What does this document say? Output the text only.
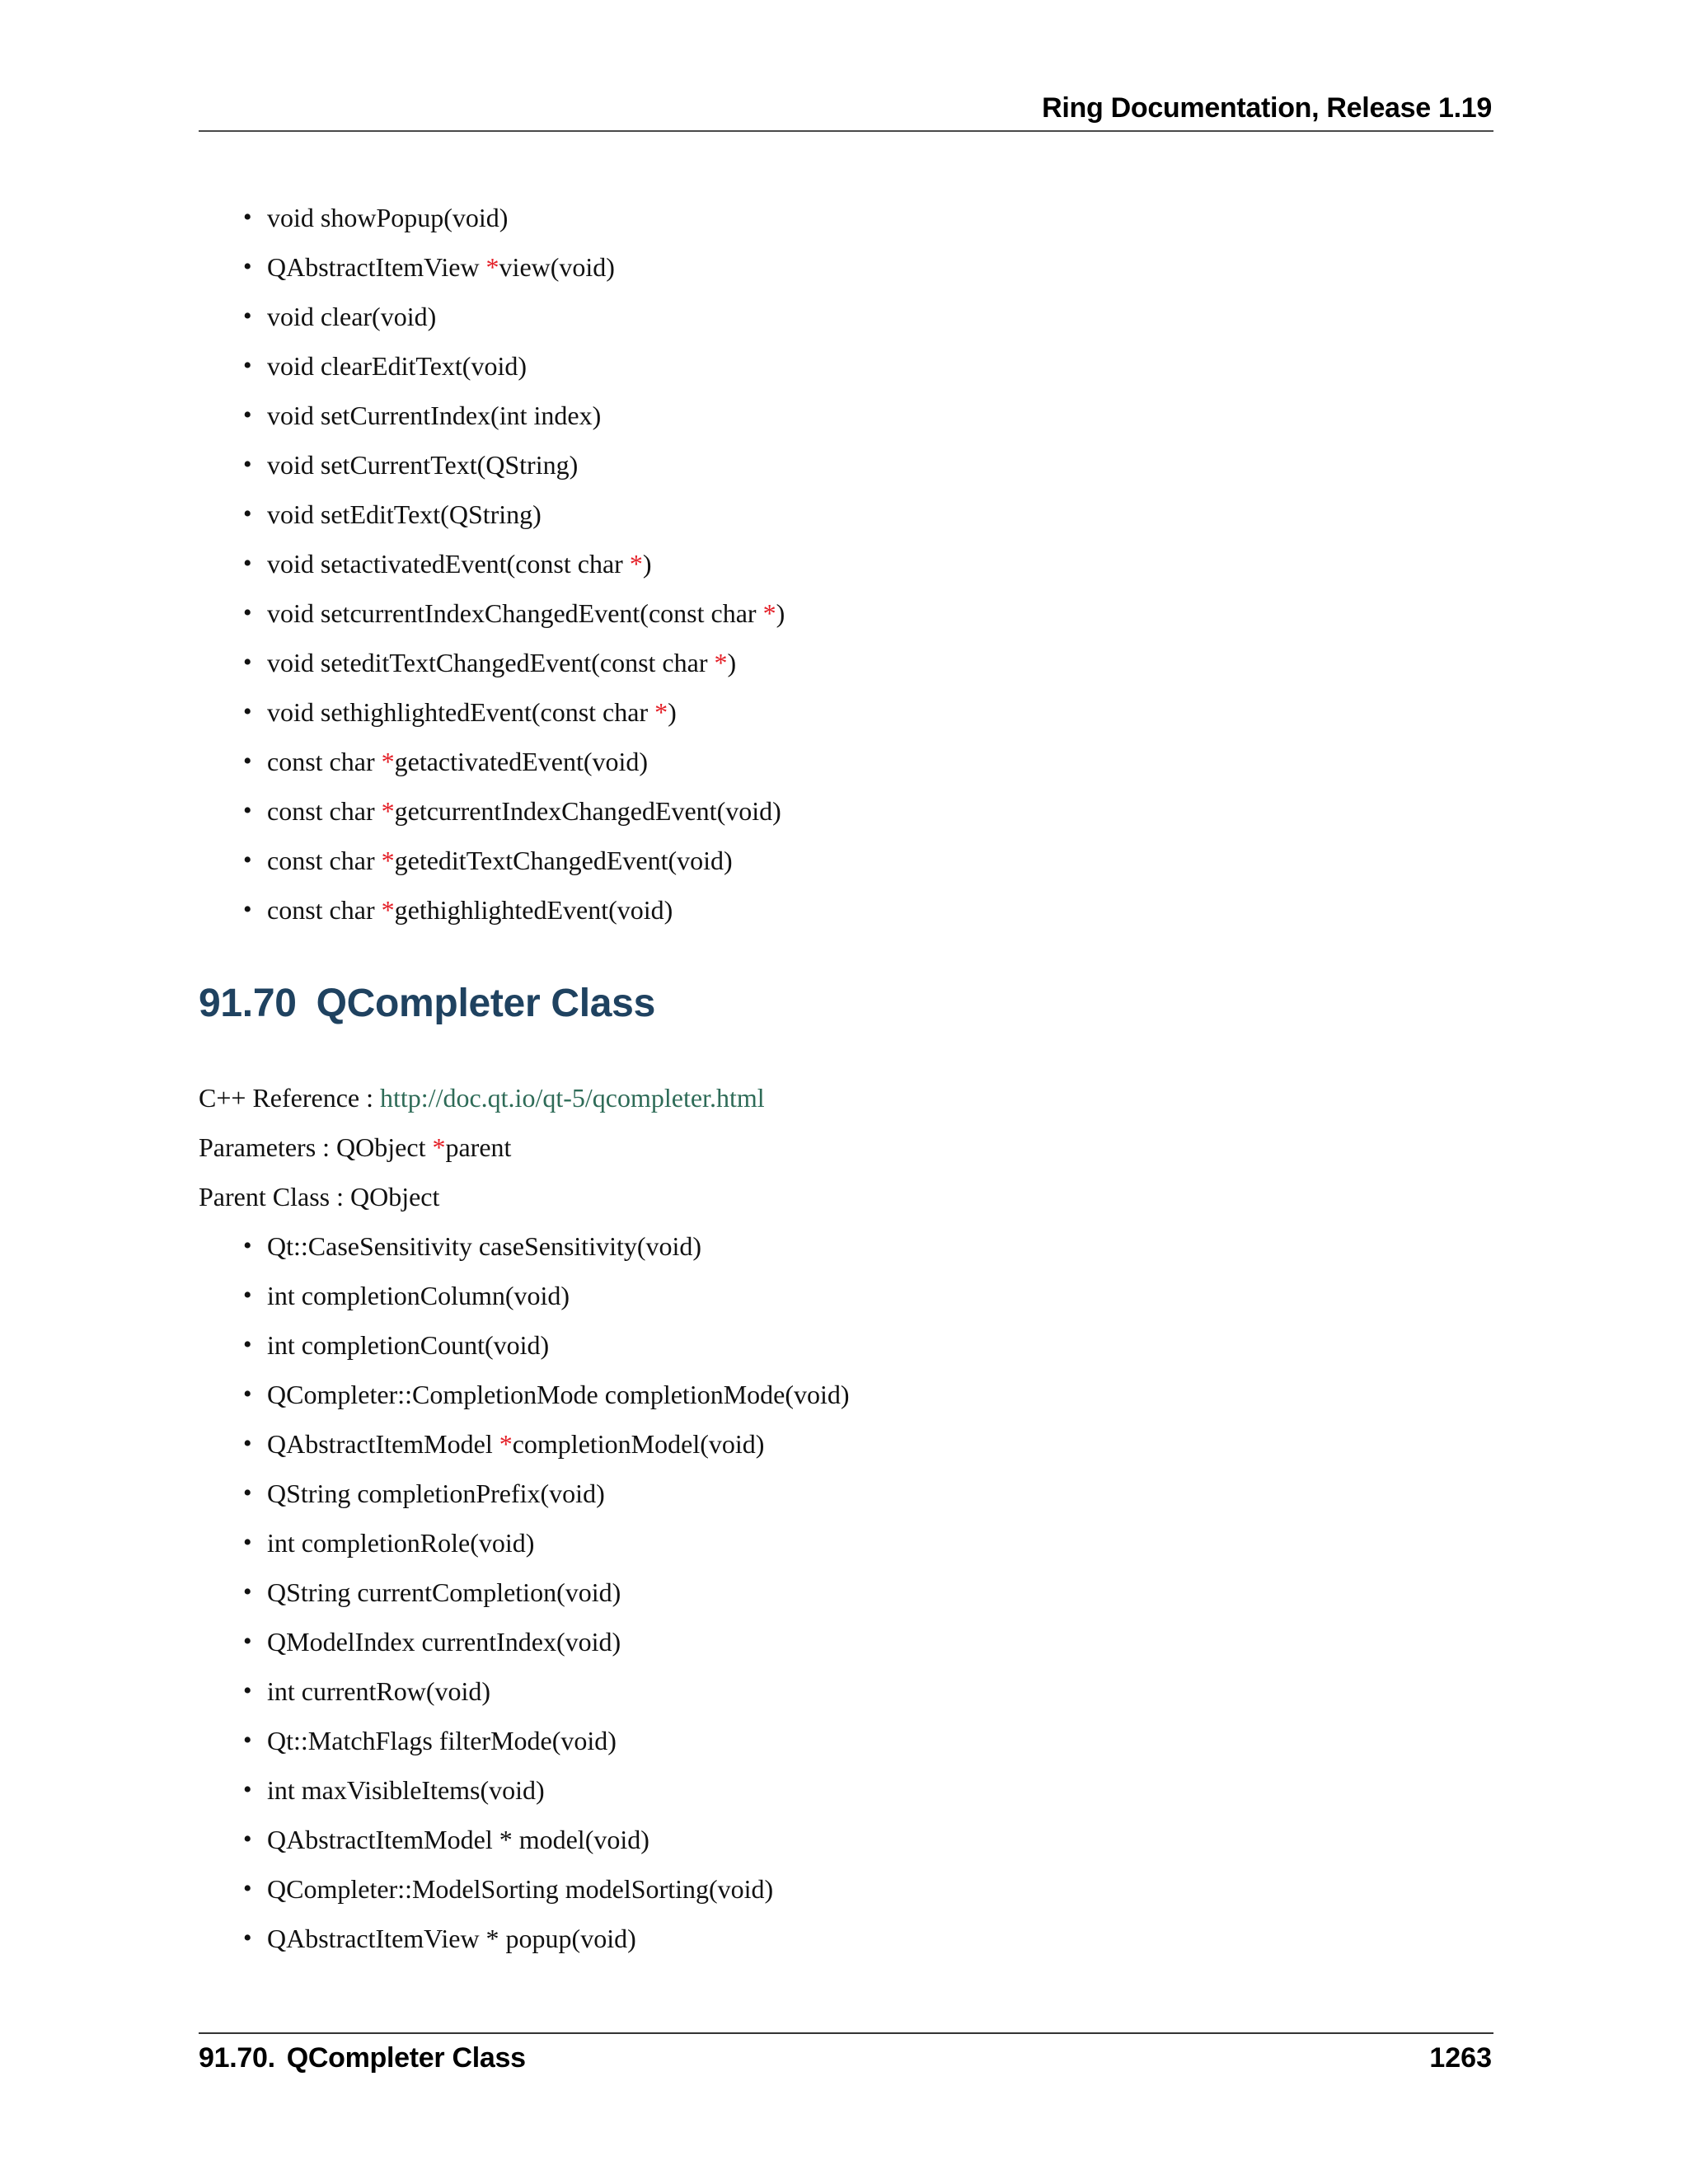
Ring Documentation, Release 1.19
• void showPopup(void)
• QAbstractItemView *view(void)
• void clear(void)
• void clearEditText(void)
• void setCurrentIndex(int index)
• void setCurrentText(QString)
• void setEditText(QString)
• void setactivatedEvent(const char *)
• void setcurrentIndexChangedEvent(const char *)
• void seteditTextChangedEvent(const char *)
• void sethighlightedEvent(const char *)
• const char *getactivatedEvent(void)
• const char *getcurrentIndexChangedEvent(void)
• const char *geteditTextChangedEvent(void)
• const char *gethighlightedEvent(void)
91.70 QCompleter Class
C++ Reference : http://doc.qt.io/qt-5/qcompleter.html
Parameters : QObject *parent
Parent Class : QObject
• Qt::CaseSensitivity caseSensitivity(void)
• int completionColumn(void)
• int completionCount(void)
• QCompleter::CompletionMode completionMode(void)
• QAbstractItemModel *completionModel(void)
• QString completionPrefix(void)
• int completionRole(void)
• QString currentCompletion(void)
• QModelIndex currentIndex(void)
• int currentRow(void)
• Qt::MatchFlags filterMode(void)
• int maxVisibleItems(void)
• QAbstractItemModel * model(void)
• QCompleter::ModelSorting modelSorting(void)
• QAbstractItemView * popup(void)
91.70. QCompleter Class	1263
